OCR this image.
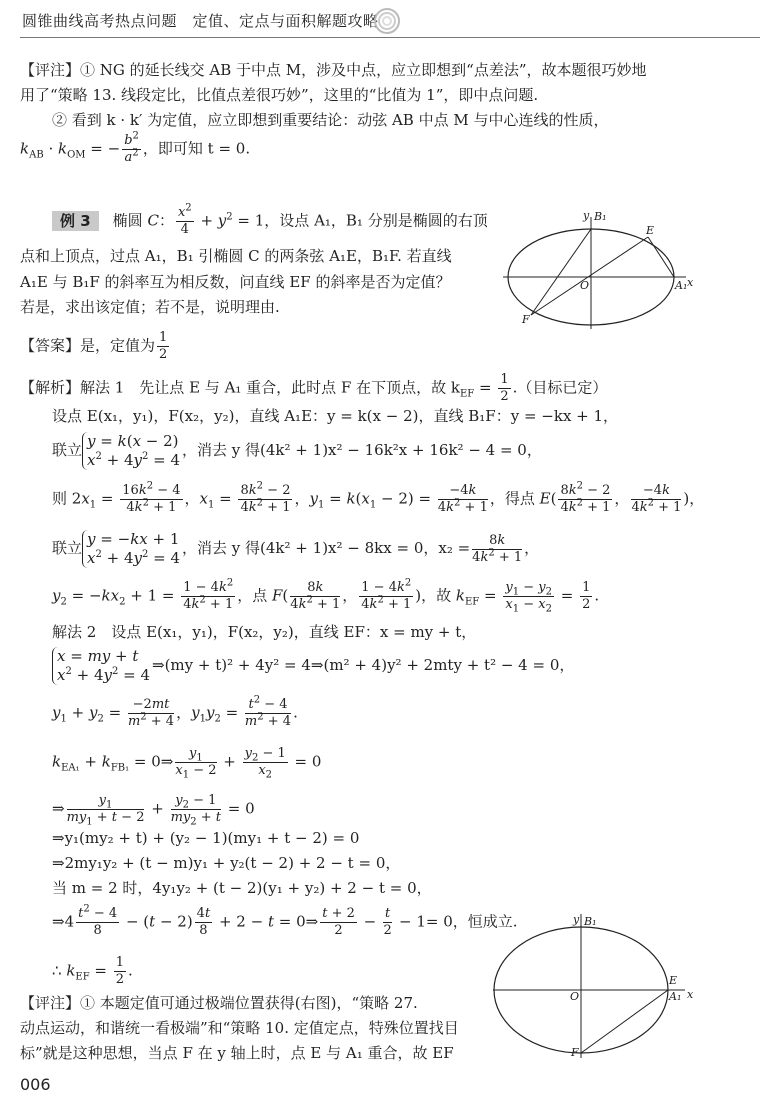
圆锥曲线高考热点问题　定值、定点与面积解题攻略
【评注】① NG 的延长线交 AB 于中点 M，涉及中点，应立即想到“点差法”，故本题很巧妙地
用了“策略 13. 线段定比，比值点差很巧妙”，这里的“比值为 1”，即中点问题.
② 看到 k · k′ 为定值，应立即想到重要结论：动弦 AB 中点 M 与中心连线的性质，
$k_{AB} \cdot k_{OM}$ = − $\frac{b^2}{a^2}$ ，即可知 t = 0.
例 3 椭圆 C： $\frac{x^2}{4} + y^2 = 1$，设点 A₁，B₁ 分别是椭圆的右顶
点和上顶点，过点 A₁，B₁ 引椭圆 C 的两条弦 A₁E，B₁F. 若直线
A₁E 与 B₁F 的斜率互为相反数，问直线 EF 的斜率是否为定值？
若是，求出该定值；若不是，说明理由.
y B₁
E
O	A₁ x
F
【答案】是，定值为 $\frac{1}{2}$
【解析】解法 1　先让点 E 与 A₁ 重合，此时点 F 在下顶点，故 $k_{EF} = \frac{1}{2}$ .（目标已定）
设点 E(x₁，y₁)，F(x₂，y₂)，直线 A₁E：y = k(x − 2)，直线 B₁F：y = −kx + 1，
联立 y = k(x − 2)
$x^2 + 4y^2 = 4$
，消去 y 得(4k² + 1)x² − 16k²x + 16k² − 4 = 0，
则 $2x_1 = \frac{16k^2 - 4}{4k^2 + 1}$ ，$x_1 = \frac{8k^2 - 2}{4k^2 + 1}$ ，$y_1 = k(x_1 - 2) = \frac{-4k}{4k^2 + 1}$ ，得点 $E( \frac{8k^2 - 2}{4k^2 + 1}$ ， $\frac{-4k}{4k^2 + 1}$ )，
联立 y = −kx + 1
$x^2 + 4y^2 = 4$
，消去 y 得(4k² + 1)x² − 8kx = 0，$x_2 = \frac{8k}{4k^2 + 1}$ ，
$y_2 = -kx_2 + 1 = \frac{1 - 4k^2}{4k^2 + 1}$ ，点 $F( \frac{8k}{4k^2 + 1}$ ， $\frac{1 - 4k^2}{4k^2 + 1}$ )，故 $k_{EF} = \frac{y_1 - y_2}{x_1 - x_2} = \frac{1}{2}$ .
解法 2　设点 E(x₁，y₁)，F(x₂，y₂)，直线 EF：x = my + t，
x = my + t
$x^2 + 4y^2 = 4$
⇒(my + t)² + 4y² = 4⇒(m² + 4)y² + 2mty + t² − 4 = 0，
$y_1 + y_2 = \frac{-2mt}{m^2 + 4}$ ，$y_1y_2 = \frac{t^2 - 4}{m^2 + 4}$ .
$k_{EA_1} + k_{FB_1}$ = 0⇒ $\frac{y_1}{x_1 - 2} + \frac{y_2 - 1}{x_2} = 0$
⇒ $\frac{y_1}{my_1 + t - 2} + \frac{y_2 - 1}{my_2 + t} = 0$
⇒y₁(my₂ + t) + (y₂ − 1)(my₁ + t − 2) = 0
⇒2my₁y₂ + (t − m)y₁ + y₂(t − 2) + 2 − t = 0，
当 m = 2 时，4y₁y₂ + (t − 2)(y₁ + y₂) + 2 − t = 0，
⇒4 $\frac{t^2 - 4}{8} - (t - 2) \frac{4t}{8} + 2 - t$ = 0⇒ $\frac{t + 2}{2} - \frac{t}{2} - 1= 0$，恒成立.
∴ $k_{EF} = \frac{1}{2}$ .
y B₁
E
O	A₁ x
F
【评注】① 本题定值可通过极端位置获得(右图)，“策略 27.
动点运动，和谐统一看极端”和“策略 10. 定值定点，特殊位置找目
标”就是这种思想，当点 F 在 y 轴上时，点 E 与 A₁ 重合，故 EF
006
